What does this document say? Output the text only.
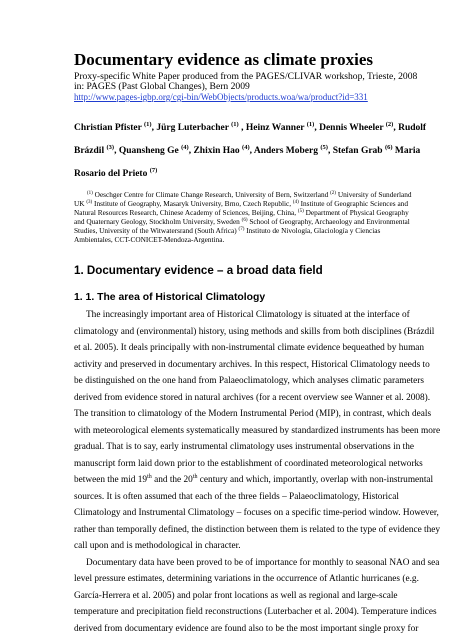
Documentary evidence as climate proxies
Proxy-specific White Paper produced from the PAGES/CLIVAR workshop, Trieste, 2008
in: PAGES (Past Global Changes), Bern 2009
http://www.pages-igbp.org/cgi-bin/WebObjects/products.woa/wa/product?id=331
Christian Pfister $^{(1)}$, Jürg Luterbacher $^{(1)}$ , Heinz Wanner $^{(1)}$, Dennis Wheeler $^{(2)}$, Rudolf
Brázdil $^{(3)}$, Quansheng Ge $^{(4)}$, Zhixin Hao $^{(4)}$, Anders Moberg $^{(5)}$, Stefan Grab $^{(6)}$ Maria
Rosario del Prieto $^{(7)}$
$^{(1)}$ Oeschger Centre for Climate Change Research, University of Bern, Switzerland $^{(2)}$ University of Sunderland
UK $^{(3)}$ Institute of Geography, Masaryk University, Brno, Czech Republic, $^{(4)}$ Institute of Geographic Sciences and
Natural Resources Research, Chinese Academy of Sciences, Beijing, China, $^{(5)}$ Department of Physical Geography
and Quaternary Geology, Stockholm University, Sweden $^{(6)}$ School of Geography, Archaeology and Environmental
Studies, University of the Witwatersrand (South Africa) $^{(7)}$ Instituto de Nivología, Glaciología y Ciencias
Ambientales, CCT-CONICET-Mendoza-Argentina.
1. Documentary evidence – a broad data field
1. 1. The area of Historical Climatology
The increasingly important area of Historical Climatology is situated at the interface of
climatology and (environmental) history, using methods and skills from both disciplines (Brázdil
et al. 2005). It deals principally with non-instrumental climate evidence bequeathed by human
activity and preserved in documentary archives. In this respect, Historical Climatology needs to
be distinguished on the one hand from Palaeoclimatology, which analyses climatic parameters
derived from evidence stored in natural archives (for a recent overview see Wanner et al. 2008).
The transition to climatology of the Modern Instrumental Period (MIP), in contrast, which deals
with meteorological elements systematically measured by standardized instruments has been more
gradual. That is to say, early instrumental climatology uses instrumental observations in the
manuscript form laid down prior to the establishment of coordinated meteorological networks
between the mid 19th and the 20th century and which, importantly, overlap with non-instrumental
sources. It is often assumed that each of the three fields – Palaeoclimatology, Historical
Climatology and Instrumental Climatology – focuses on a specific time-period window. However,
rather than temporally defined, the distinction between them is related to the type of evidence they
call upon and is methodological in character.
Documentary data have been proved to be of importance for monthly to seasonal NAO and sea
level pressure estimates, determining variations in the occurrence of Atlantic hurricanes (e.g.
García-Herrera et al. 2005) and polar front locations as well as regional and large-scale
temperature and precipitation field reconstructions (Luterbacher et al. 2004). Temperature indices
derived from documentary evidence are found also to be the most important single proxy for
